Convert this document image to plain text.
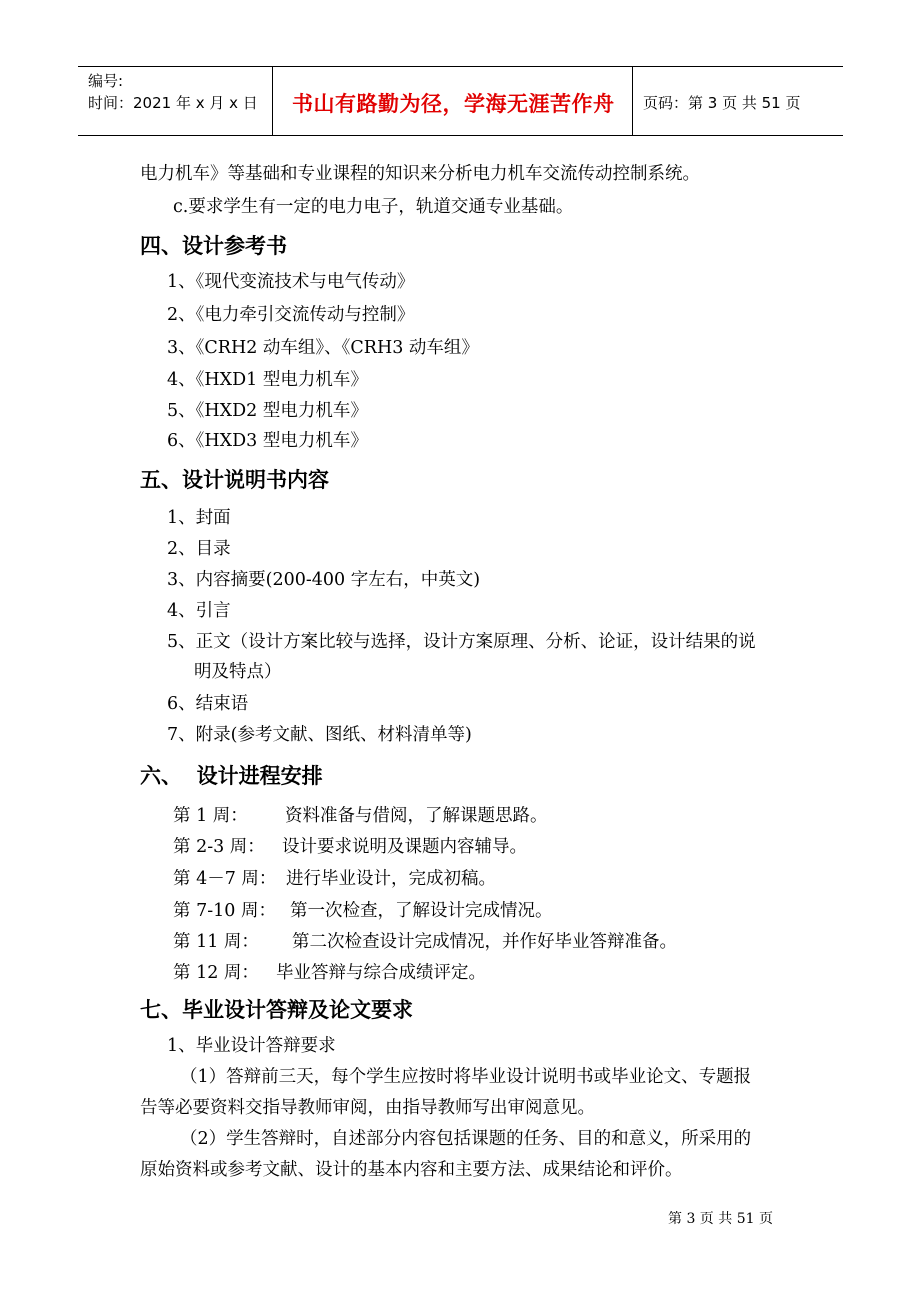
编号:
时间：2021 年 x 月 x 日 书山有路勤为径，学海无涯苦作舟 页码：第 3 页 共 51 页
电力机车》等基础和专业课程的知识来分析电力机车交流传动控制系统。
c.要求学生有一定的电力电子，轨道交通专业基础。
四、设计参考书
1、《现代变流技术与电气传动》
2、《电力牵引交流传动与控制》
3、《CRH2 动车组》、《CRH3 动车组》
4、《HXD1 型电力机车》
5、《HXD2 型电力机车》
6、《HXD3 型电力机车》
五、设计说明书内容
1、封面
2、目录
3、内容摘要(200-400 字左右，中英文)
4、引言
5、正文（设计方案比较与选择，设计方案原理、分析、论证，设计结果的说
明及特点）
6、结束语
7、附录(参考文献、图纸、材料清单等)
六、  设计进程安排
第 1 周： 资料准备与借阅，了解课题思路。
第 2-3 周： 设计要求说明及课题内容辅导。
第 4－7 周： 进行毕业设计，完成初稿。
第 7-10 周： 第一次检查，了解设计完成情况。
第 11 周： 第二次检查设计完成情况，并作好毕业答辩准备。
第 12 周： 毕业答辩与综合成绩评定。
七、毕业设计答辩及论文要求
1、毕业设计答辩要求
（1）答辩前三天，每个学生应按时将毕业设计说明书或毕业论文、专题报
告等必要资料交指导教师审阅，由指导教师写出审阅意见。
（2）学生答辩时，自述部分内容包括课题的任务、目的和意义，所采用的
原始资料或参考文献、设计的基本内容和主要方法、成果结论和评价。
第 3 页 共 51 页
